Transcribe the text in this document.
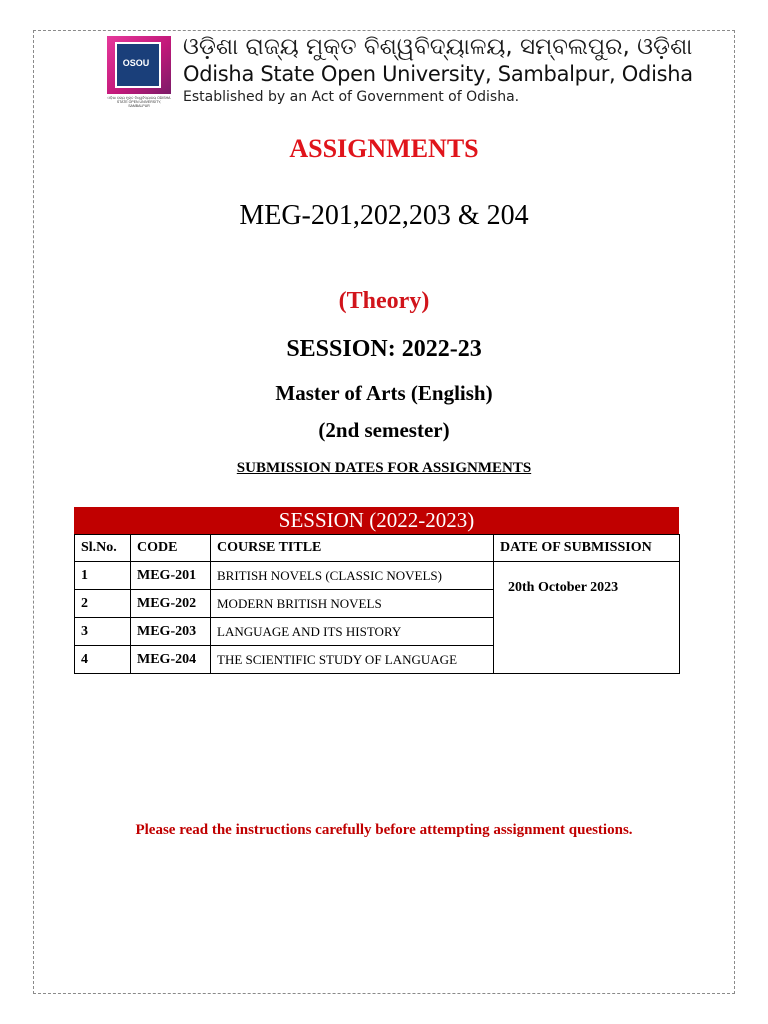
OSOU
ଓଡ଼ିଶା ରାଜ୍ୟ ମୁକ୍ତ ବିଶ୍ୱବିଦ୍ୟାଳୟ ODISHA STATE OPEN UNIVERSITY, SAMBALPUR
ଓଡ଼ିଶା ରାଜ୍ୟ ମୁକ୍ତ ବିଶ୍ୱବିଦ୍ୟାଳୟ, ସମ୍ବଲପୁର, ଓଡ଼ିଶା
Odisha State Open University, Sambalpur, Odisha
Established by an Act of Government of Odisha.
ASSIGNMENTS
MEG-201,202,203 & 204
(Theory)
SESSION: 2022-23
Master of Arts (English)
(2nd semester)
SUBMISSION DATES FOR ASSIGNMENTS
SESSION (2022-2023)
Sl.No.	CODE	COURSE TITLE	DATE OF SUBMISSION
1	MEG-201	BRITISH NOVELS (CLASSIC NOVELS)	20th October 2023
2	MEG-202	MODERN BRITISH NOVELS	
3	MEG-203	LANGUAGE AND ITS HISTORY	
4	MEG-204	THE SCIENTIFIC STUDY OF LANGUAGE	
Please read the instructions carefully before attempting assignment questions.
